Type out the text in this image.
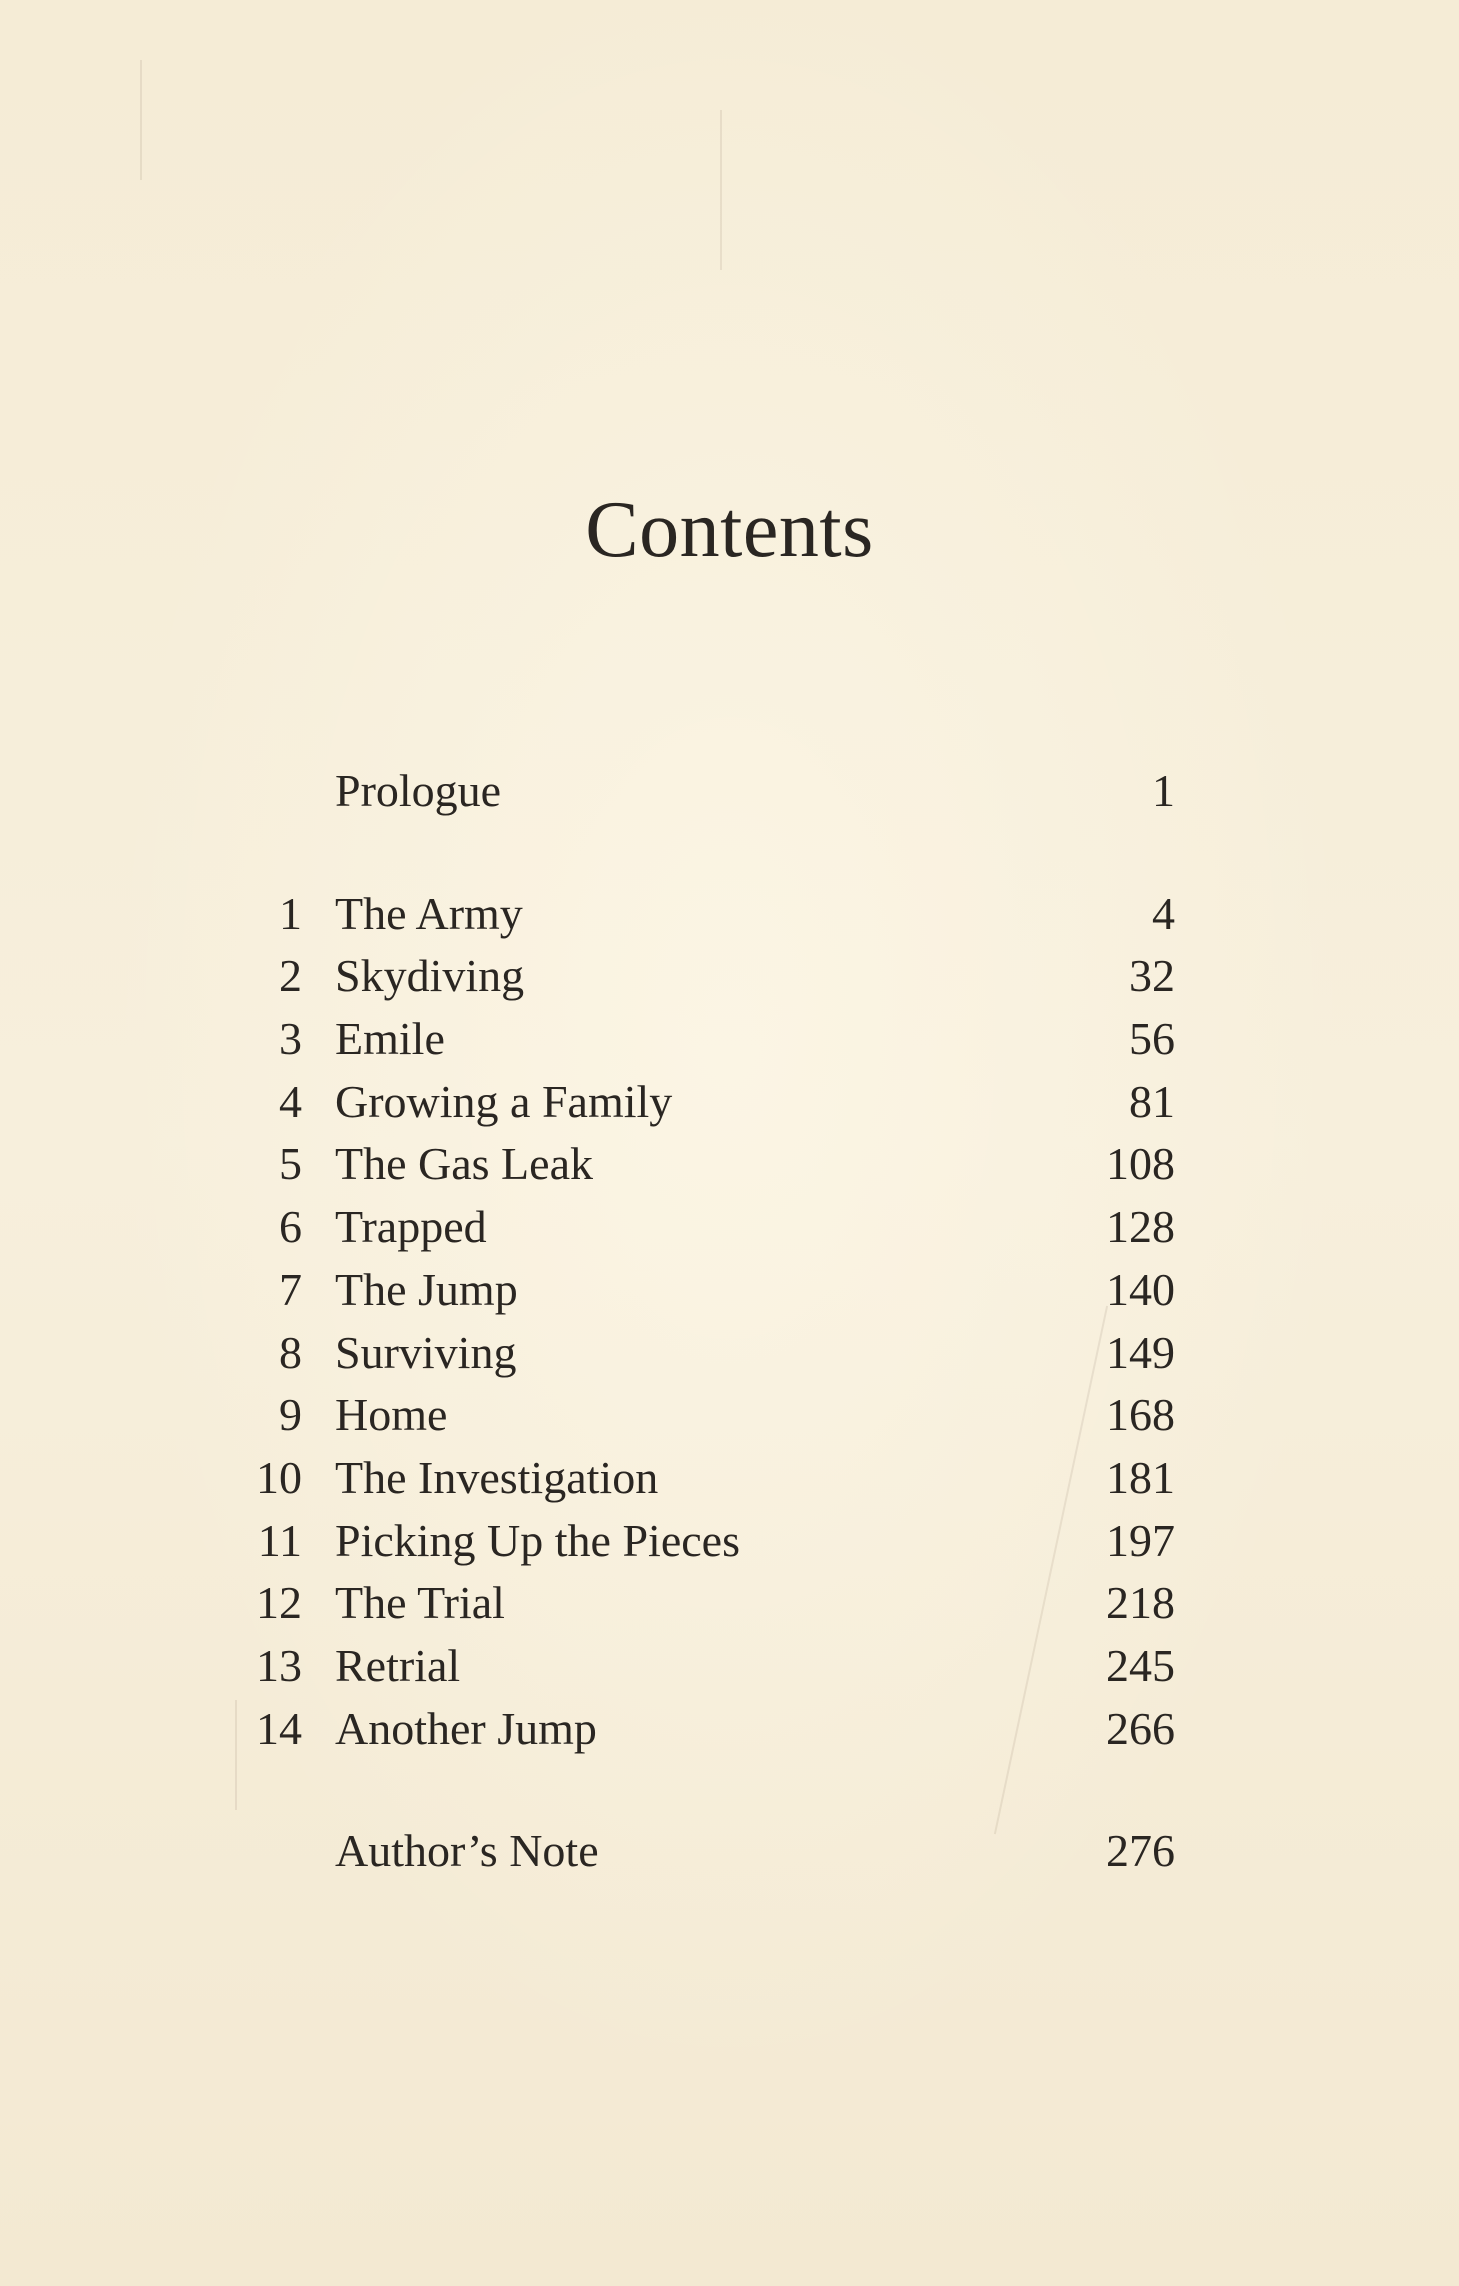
Contents
Prologue	1
1 The Army	4
2 Skydiving	32
3 Emile	56
4 Growing a Family	81
5 The Gas Leak	108
6 Trapped	128
7 The Jump	140
8 Surviving	149
9 Home	168
10 The Investigation	181
11 Picking Up the Pieces	197
12 The Trial	218
13 Retrial	245
14 Another Jump	266
Author’s Note	276
